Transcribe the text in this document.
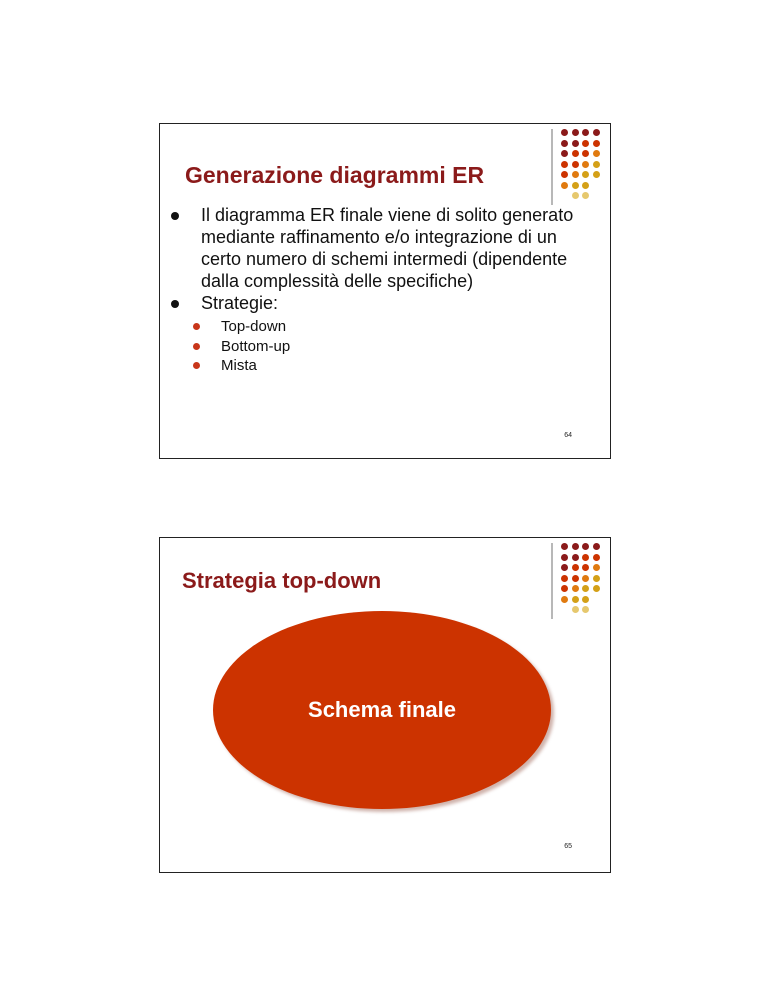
Generazione diagrammi ER
Il diagramma ER finale viene di solito generato mediante raffinamento e/o integrazione di un certo numero di schemi intermedi (dipendente dalla complessità delle specifiche)
Strategie:
Top-down
Bottom-up
Mista
64
Strategia top-down
Schema finale
65
